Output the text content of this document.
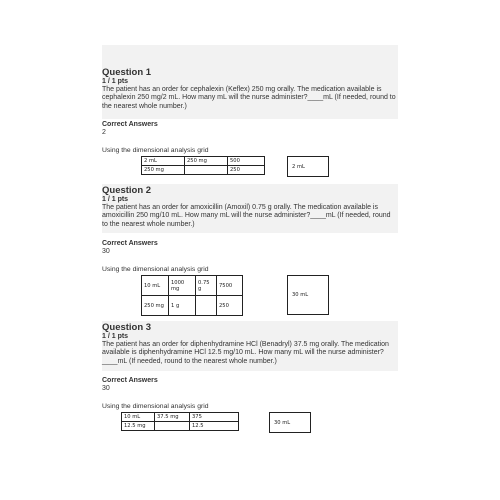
Question 1
1 / 1 pts
The patient has an order for cephalexin (Keflex) 250 mg orally. The medication available is cephalexin 250 mg/2 mL. How many mL will the nurse administer?____mL (If needed, round to the nearest whole number.)
Correct Answers
2
Using the dimensional analysis grid
2 mL	250 mg	500
250 mg		250
2 mL
Question 2
1 / 1 pts
The patient has an order for amoxicillin (Amoxil) 0.75 g orally. The medication available is amoxicillin 250 mg/10 mL. How many mL will the nurse administer?____mL (If needed, round to the nearest whole number.)
Correct Answers
30
Using the dimensional analysis grid
10 mL	1000 mg	0.75 g	7500
250 mg	1 g		250
30 mL
Question 3
1 / 1 pts
The patient has an order for diphenhydramine HCl (Benadryl) 37.5 mg orally. The medication available is diphenhydramine HCl 12.5 mg/10 mL. How many mL will the nurse administer?____mL (If needed, round to the nearest whole number.)
Correct Answers
30
Using the dimensional analysis grid
10 mL	37.5 mg	375
12.5 mg		12.5
30 mL
